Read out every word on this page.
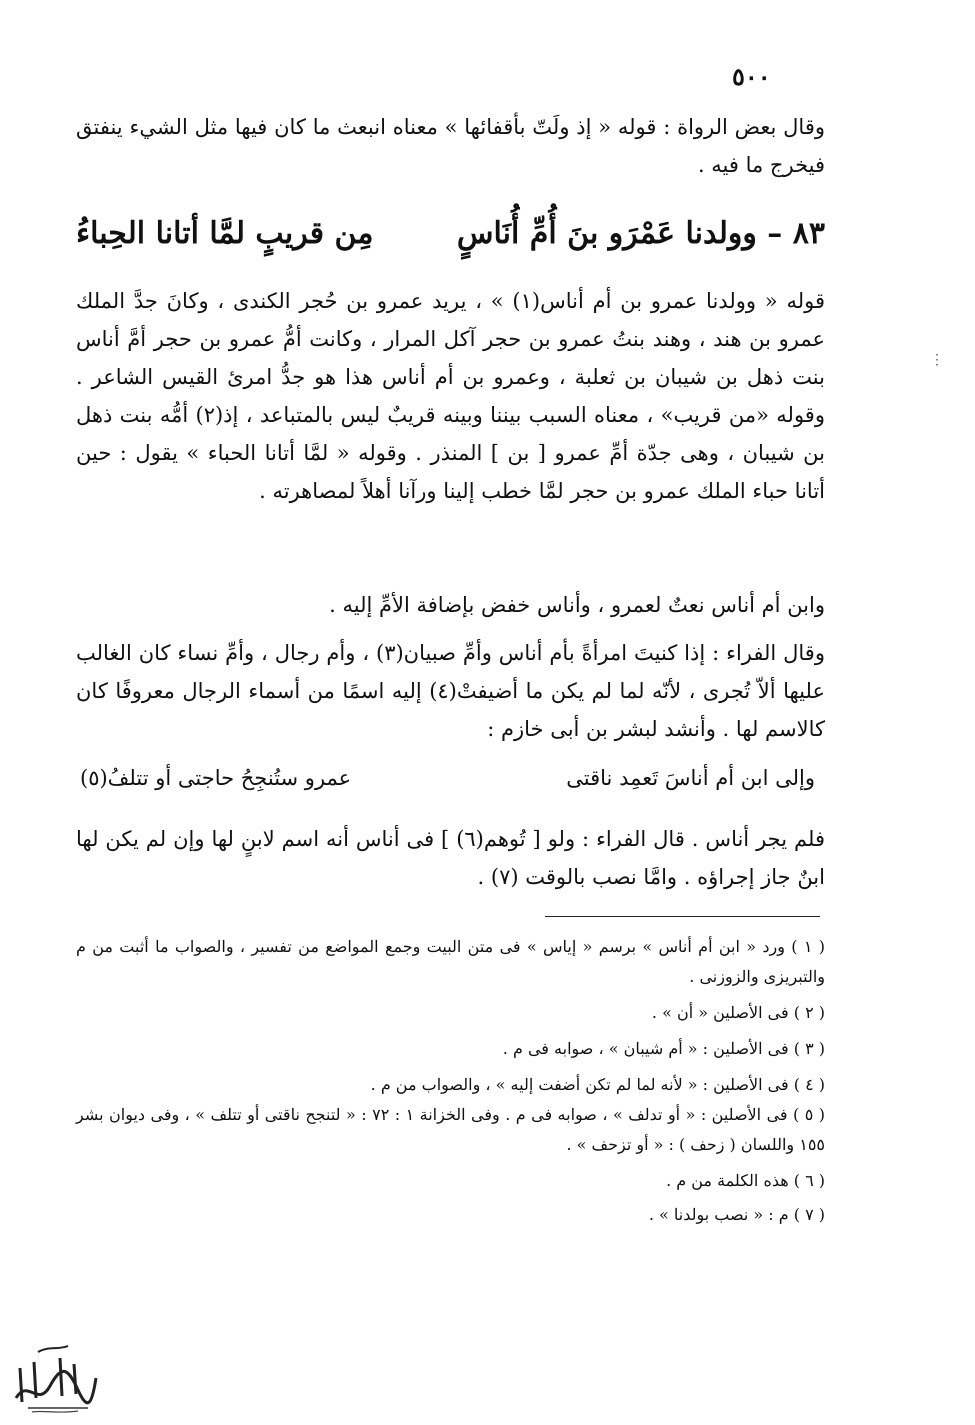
٥٠٠
وقال بعض الرواة : قوله « إذ ولَتّ بأقفائها » معناه انبعث ما كان فيها مثل الشيء ينفتق فيخرج ما فيه .
٨٣ – وولدنا عَمْرَو بنَ أُمِّ أُنَاسٍ
مِن قريبٍ لمَّا أتانا الحِباءُ
قوله « وولدنا عمرو بن أم أناس(١) » ، يريد عمرو بن حُجر الكندى ، وكانَ جدَّ الملك عمرو بن هند ، وهند بنتُ عمرو بن حجر آكل المرار ، وكانت أمُّ عمرو بن حجر أمَّ أناس بنت ذهل بن شيبان بن ثعلبة ، وعمرو بن أم أناس هذا هو جدُّ امرئ القيس الشاعر . وقوله «من قريب» ، معناه السبب بيننا وبينه قريبٌ ليس بالمتباعد ، إذ(٢) أمُّه بنت ذهل بن شيبان ، وهى جدّة أمِّ عمرو [ بن ] المنذر . وقوله « لمَّا أتانا الحباء » يقول : حين أتانا حباء الملك عمرو بن حجر لمَّا خطب إلينا ورآنا أهلاً لمصاهرته .
وابن أم أناس نعتٌ لعمرو ، وأناس خفض بإضافة الأمِّ إليه .
وقال الفراء : إذا كنيتَ امرأةً بأم أناس وأمِّ صبيان(٣) ، وأم رجال ، وأمِّ نساء كان الغالب عليها ألاّ تُجرى ، لأنّه لما لم يكن ما أضيفتْ(٤) إليه اسمًا من أسماء الرجال معروفًا كان كالاسم لها . وأنشد لبشر بن أبى خازم :
وإلى ابن أم أناسَ تَعمِد ناقتى
عمرو ستُنجِحُ حاجتى أو تتلفُ(٥)
فلم يجر أناس . قال الفراء : ولو [ تُوهم(٦) ] فى أناس أنه اسم لابنٍ لها وإن لم يكن لها ابنٌ جاز إجراؤه . وامَّا نصب بالوقت (٧) .
( ١ ) ورد « ابن أم أناس » برسم « إياس » فى متن البيت وجمع المواضع من تفسير ، والصواب ما أثبت من م والتبريزى والزوزنى .
( ٢ ) فى الأصلين « أن » .
( ٣ ) فى الأصلين : « أم شيبان » ، صوابه فى م .
( ٤ ) فى الأصلين : « لأنه لما لم تكن أضفت إليه » ، والصواب من م .
( ٥ ) فى الأصلين : « أو تدلف » ، صوابه فى م . وفى الخزانة ١ : ٧٢ : « لتنجح ناقتى أو تتلف » ، وفى ديوان بشر ١٥٥ واللسان ( زحف ) : « أو تزحف » .
( ٦ ) هذه الكلمة من م .
( ٧ ) م : « نصب بولدنا » .
⋮
